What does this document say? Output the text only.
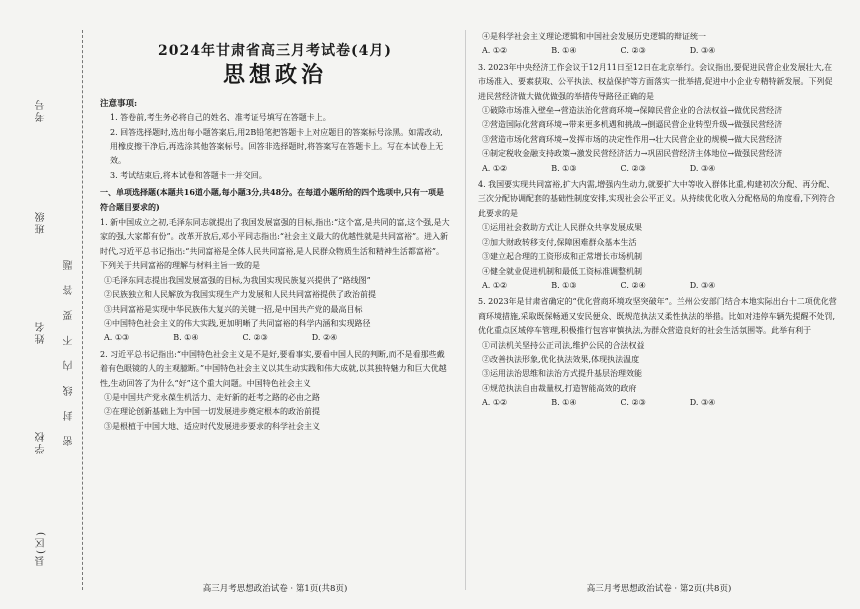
考号
班级
姓名
学校
县(区)
密 封 线 内 不 要 答 题
2024年甘肃省高三月考试卷(4月)
思想政治
注意事项:
1. 答卷前,考生务必将自己的姓名、准考证号填写在答题卡上。
2. 回答选择题时,选出每小题答案后,用2B铅笔把答题卡上对应题目的答案标号涂黑。如需改动,用橡皮擦干净后,再选涂其他答案标号。回答非选择题时,将答案写在答题卡上。写在本试卷上无效。
3. 考试结束后,将本试卷和答题卡一并交回。
一、单项选择题(本题共16道小题,每小题3分,共48分。在每道小题所给的四个选项中,只有一项是符合题目要求的)
1. 新中国成立之初,毛泽东同志就提出了我国发展富强的目标,指出:“这个富,是共同的富,这个强,是大家的强,大家都有份”。改革开放后,邓小平同志指出:“社会主义最大的优越性就是共同富裕”。进入新时代,习近平总书记指出:“共同富裕是全体人民共同富裕,是人民群众物质生活和精神生活都富裕”。下列关于共同富裕的理解与材料主旨一致的是
①毛泽东同志提出我国发展富强的目标,为我国实现民族复兴提供了“路线图”
②民族独立和人民解放为我国实现生产力发展和人民共同富裕提供了政治前提
③共同富裕是实现中华民族伟大复兴的关键一招,是中国共产党的最高目标
④中国特色社会主义的伟大实践,更加明晰了共同富裕的科学内涵和实现路径
A. ①③	B. ①④	C. ②③	D. ②④
2. 习近平总书记指出:“中国特色社会主义是不是好,要看事实,要看中国人民的判断,而不是看那些戴着有色眼镜的人的主观臆断。”中国特色社会主义以其生动实践和伟大成就,以其独特魅力和巨大优越性,生动回答了为什么“好”这个重大问题。中国特色社会主义
①是中国共产党永葆生机活力、走好新的赶考之路的必由之路
②在理论创新基础上为中国一切发展进步奠定根本的政治前提
③是根植于中国大地、适应时代发展进步要求的科学社会主义
④是科学社会主义理论逻辑和中国社会发展历史逻辑的辩证统一
A. ①②	B. ①④	C. ②③	D. ③④
3. 2023年中央经济工作会议于12月11日至12日在北京举行。会议指出,要促进民营企业发展壮大,在市场准入、要素获取、公平执法、权益保护等方面落实一批举措,促进中小企业专精特新发展。下列促进民营经济做大做优做强的举措传导路径正确的是
①破除市场准入壁垒→营造法治化营商环境→保障民营企业的合法权益→做优民营经济
②营造国际化营商环境→带来更多机遇和挑战→倒逼民营企业转型升级→做强民营经济
③营造市场化营商环境→发挥市场的决定性作用→壮大民营企业的规模→做大民营经济
④制定税收金融支持政策→激发民营经济活力→巩固民营经济主体地位→做强民营经济
A. ①②	B. ①③	C. ②③	D. ③④
4. 我国要实现共同富裕,扩大内需,增强内生动力,就要扩大中等收入群体比重,构建初次分配、再分配、三次分配协调配套的基础性制度安排,实现社会公平正义。从持续优化收入分配格局的角度看,下列符合此要求的是
①运用社会救助方式让人民群众共享发展成果
②加大财政转移支付,保障困难群众基本生活
③建立起合理的工资形成和正常增长市场机制
④健全就业促进机制和最低工资标准调整机制
A. ①②	B. ①③	C. ②④	D. ③④
5. 2023年是甘肃省确定的“优化营商环境攻坚突破年”。兰州公安部门结合本地实际出台十二项优化营商环境措施,采取既保畅通又安民便众、既规范执法又柔性执法的举措。比如对违停车辆先提醒不处罚,优化重点区域停车管理,积极推行包容审慎执法,为群众营造良好的社会生活氛围等。此举有利于
①司法机关坚持公正司法,维护公民的合法权益
②改善执法形象,优化执法效果,体现执法温度
③运用法治思维和法治方式提升基层治理效能
④规范执法自由裁量权,打造智能高效的政府
A. ①②	B. ①④	C. ②③	D. ③④
高三月考思想政治试卷 · 第1页(共8页)	高三月考思想政治试卷 · 第2页(共8页)
